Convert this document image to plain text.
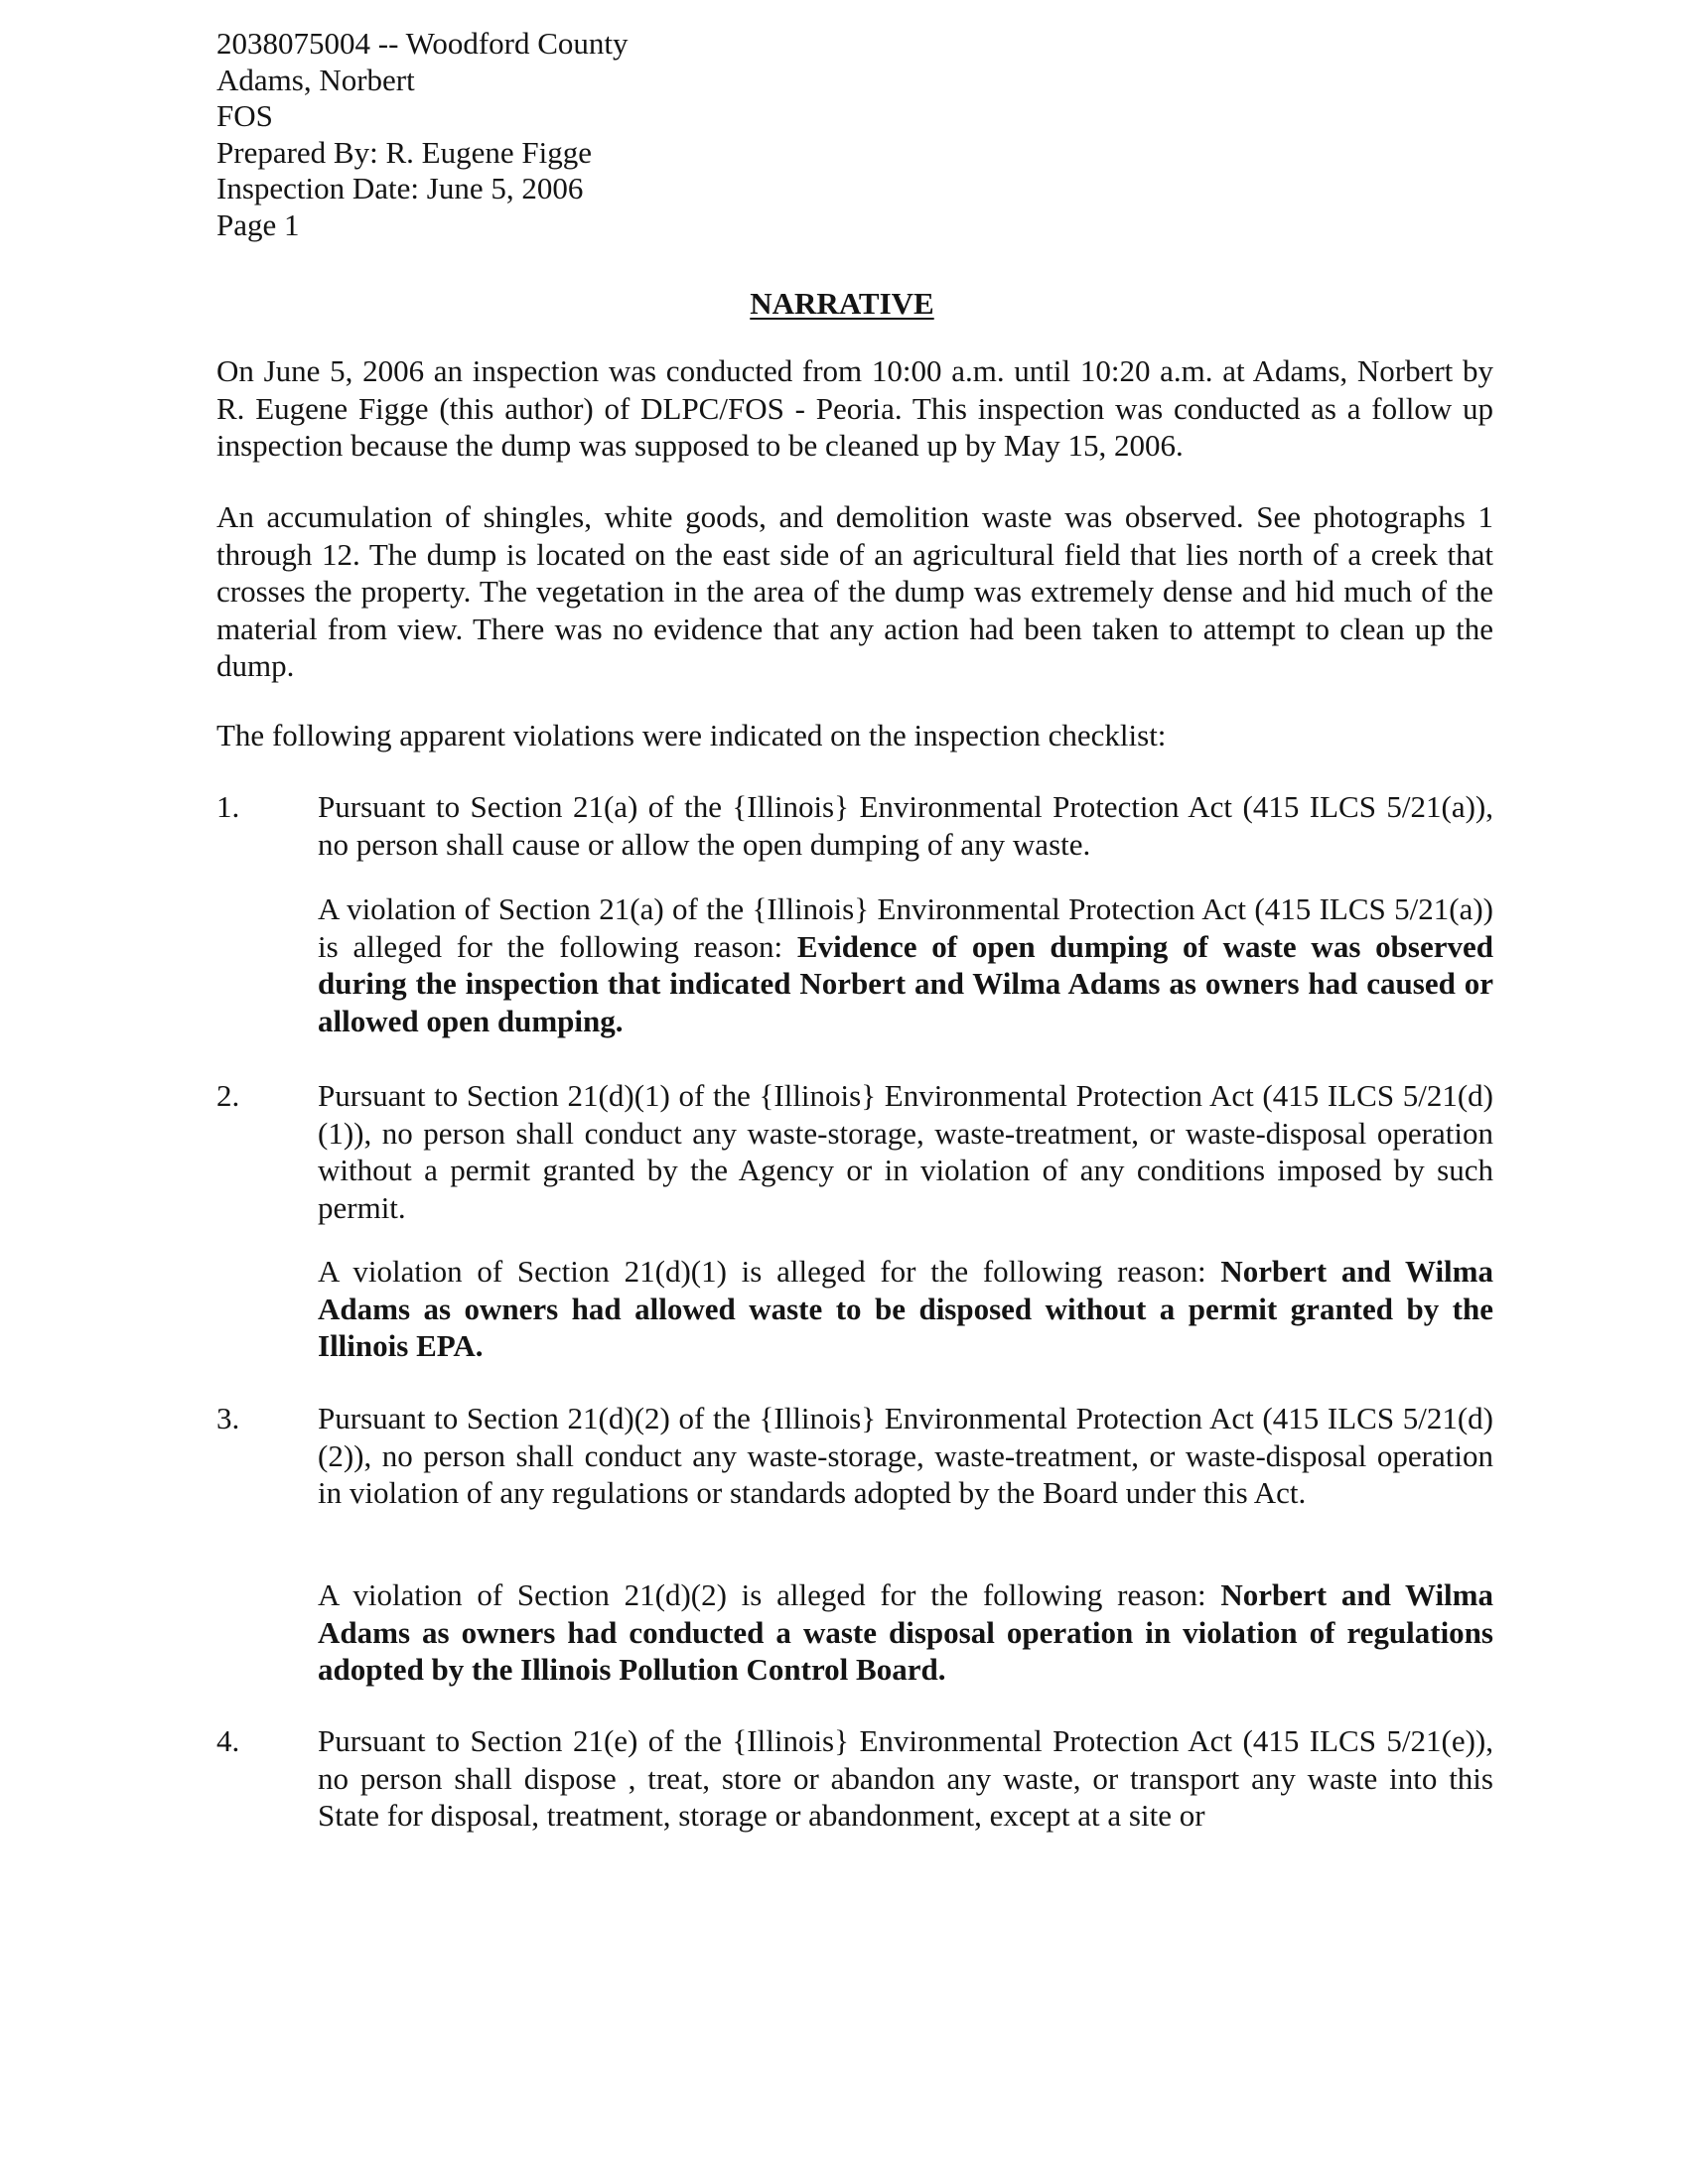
2038075004 -- Woodford County
Adams, Norbert
FOS
Prepared By: R. Eugene Figge
Inspection Date: June 5, 2006
Page 1
NARRATIVE
On June 5, 2006 an inspection was conducted from 10:00 a.m. until 10:20 a.m. at Adams, Norbert by R. Eugene Figge (this author) of DLPC/FOS - Peoria. This inspection was conducted as a follow up inspection because the dump was supposed to be cleaned up by May 15, 2006.
An accumulation of shingles, white goods, and demolition waste was observed. See photographs 1 through 12. The dump is located on the east side of an agricultural field that lies north of a creek that crosses the property. The vegetation in the area of the dump was extremely dense and hid much of the material from view. There was no evidence that any action had been taken to attempt to clean up the dump.
The following apparent violations were indicated on the inspection checklist:
1.	Pursuant to Section 21(a) of the {Illinois} Environmental Protection Act (415 ILCS 5/21(a)), no person shall cause or allow the open dumping of any waste.
A violation of Section 21(a) of the {Illinois} Environmental Protection Act (415 ILCS 5/21(a)) is alleged for the following reason: Evidence of open dumping of waste was observed during the inspection that indicated Norbert and Wilma Adams as owners had caused or allowed open dumping.
2.	Pursuant to Section 21(d)(1) of the {Illinois} Environmental Protection Act (415 ILCS 5/21(d)(1)), no person shall conduct any waste-storage, waste-treatment, or waste-disposal operation without a permit granted by the Agency or in violation of any conditions imposed by such permit.
A violation of Section 21(d)(1) is alleged for the following reason: Norbert and Wilma Adams as owners had allowed waste to be disposed without a permit granted by the Illinois EPA.
3.	Pursuant to Section 21(d)(2) of the {Illinois} Environmental Protection Act (415 ILCS 5/21(d)(2)), no person shall conduct any waste-storage, waste-treatment, or waste-disposal operation in violation of any regulations or standards adopted by the Board under this Act.
A violation of Section 21(d)(2) is alleged for the following reason: Norbert and Wilma Adams as owners had conducted a waste disposal operation in violation of regulations adopted by the Illinois Pollution Control Board.
4.	Pursuant to Section 21(e) of the {Illinois} Environmental Protection Act (415 ILCS 5/21(e)), no person shall dispose , treat, store or abandon any waste, or transport any waste into this State for disposal, treatment, storage or abandonment, except at a site or
